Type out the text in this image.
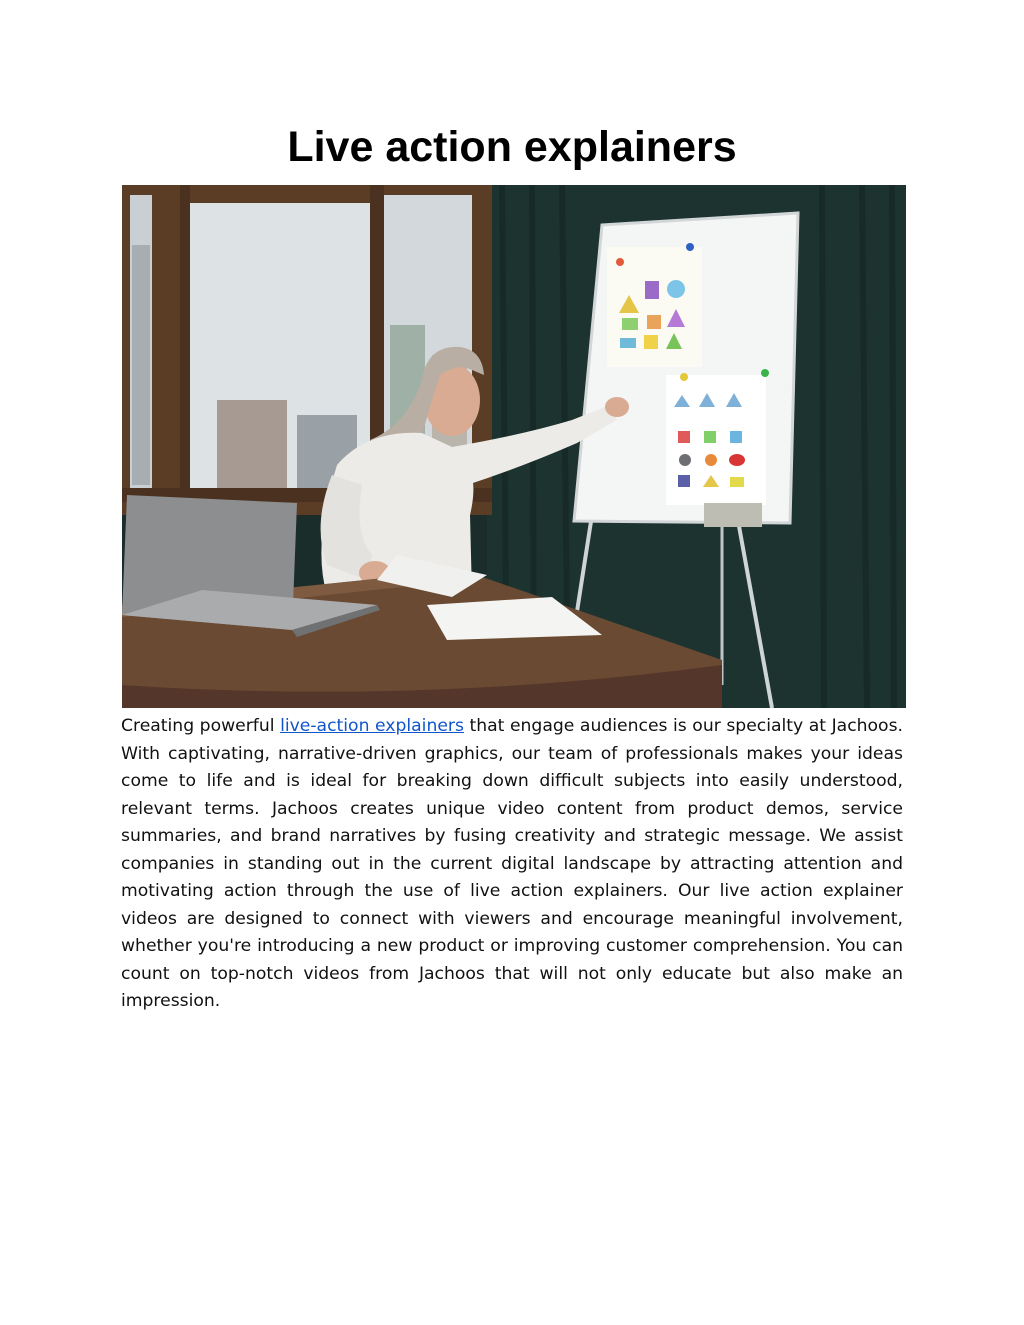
Live action explainers

Creating powerful live-action explainers that engage audiences is our specialty at Jachoos. With captivating, narrative-driven graphics, our team of professionals makes your ideas come to life and is ideal for breaking down difficult subjects into easily understood, relevant terms. Jachoos creates unique video content from product demos, service summaries, and brand narratives by fusing creativity and strategic message. We assist companies in standing out in the current digital landscape by attracting attention and motivating action through the use of live action explainers. Our live action explainer videos are designed to connect with viewers and encourage meaningful involvement, whether you're introducing a new product or improving customer comprehension. You can count on top-notch videos from Jachoos that will not only educate but also make an impression.
